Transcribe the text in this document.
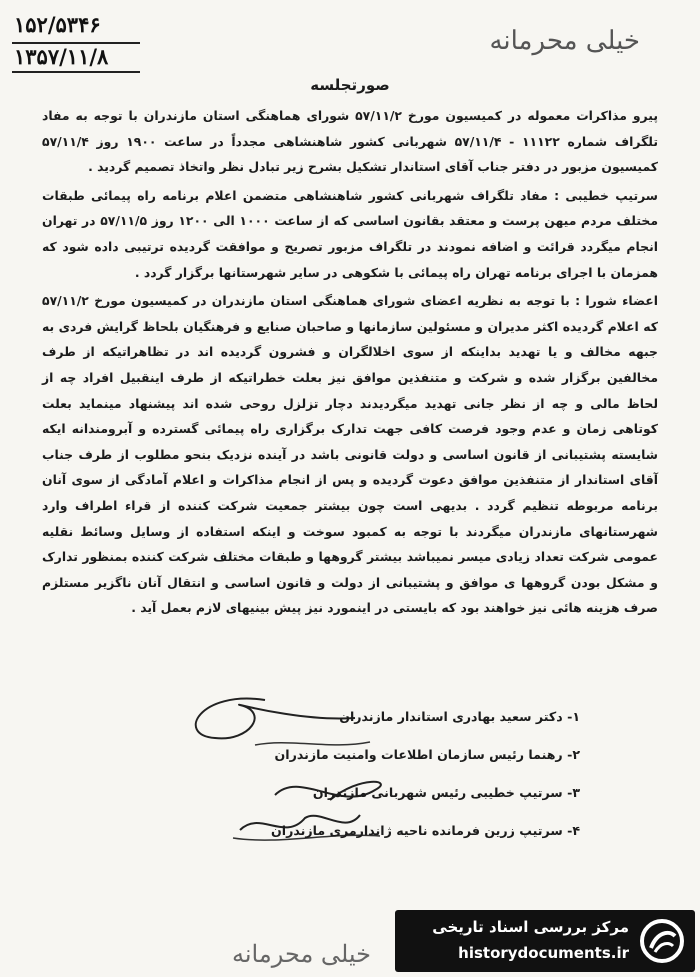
۱۵۲/۵۳۴۶
۱۳۵۷/۱۱/۸
خیلی محرمانه
صورتجلسه

پیرو مذاکرات معموله در کمیسیون مورخ ۵۷/۱۱/۲ شورای هماهنگی استان مازندران با توجه به مفاد تلگراف شماره ۱۱۱۲۲ - ۵۷/۱۱/۴ شهربانی کشور شاهنشاهی مجدداً در ساعت ۱۹۰۰ روز ۵۷/۱۱/۴ کمیسیون مزبور در دفتر جناب آقای استاندار تشکیل بشرح زیر تبادل نظر واتخاذ تصمیم گردید .

سرتیپ خطیبی : مفاد تلگراف شهربانی کشور شاهنشاهی متضمن اعلام برنامه راه پیمائی طبقات مختلف مردم میهن پرست و معتقد بقانون اساسی که از ساعت ۱۰۰۰ الی ۱۲۰۰ روز ۵۷/۱۱/۵ در تهران انجام میگردد قرائت و اضافه نمودند در تلگراف مزبور تصریح و موافقت گردیده ترتیبی داده شود که همزمان با اجرای برنامه تهران راه پیمائی با شکوهی در سایر شهرستانها برگزار گردد .

اعضاء شورا : با توجه به نظریه اعضای شورای هماهنگی استان مازندران در کمیسیون مورخ ۵۷/۱۱/۲ که اعلام گردیده اکثر مدیران و مسئولین سازمانها و صاحبان صنایع و فرهنگیان بلحاظ گرایش فردی به جبهه مخالف و یا تهدید بداینکه از سوی اخلالگران و فشرون گردیده اند در تظاهراتیکه از طرف مخالفین برگزار شده و شرکت و متنفذین موافق نیز بعلت خطراتیکه از طرف اینقبیل افراد چه از لحاظ مالی و چه از نظر جانی تهدید میگردیدند دچار تزلزل روحی شده اند پیشنهاد مینماید بعلت کوتاهی زمان و عدم وجود فرصت کافی جهت تدارک برگزاری راه پیمائی گسترده و آبرومندانه ایکه شایسته پشتیبانی از قانون اساسی و دولت قانونی باشد در آینده نزدیک بنحو مطلوب از طرف جناب آقای استاندار از متنفذین موافق دعوت گردیده و پس از انجام مذاکرات و اعلام آمادگی از سوی آنان برنامه مربوطه تنظیم گردد . بدیهی است چون بیشتر جمعیت شرکت کننده از قراء اطراف وارد شهرستانهای مازندران میگردند با توجه به کمبود سوخت و اینکه استفاده از وسایل وسائط نقلیه عمومی شرکت تعداد زیادی میسر نمیباشد بیشتر گروهها و طبقات مختلف شرکت کننده بمنظور تدارک و مشکل بودن گروهها ی موافق و پشتیبانی از دولت و قانون اساسی و انتقال آنان ناگزیر مستلزم صرف هزینه هائی نیز خواهند بود که بایستی در اینمورد نیز پیش بینیهای لازم بعمل آید .

۱- دکتر سعید بهادری استاندار مازندران
۲- رهنما رئیس سازمان اطلاعات وامنیت مازندران
۳- سرتیپ خطیبی رئیس شهربانی مازندران
۴- سرتیپ زرین فرمانده ناحیه ژاندارمری مازندران
خیلی محرمانه
مرکز بررسی اسناد تاریخی
historydocuments.ir
